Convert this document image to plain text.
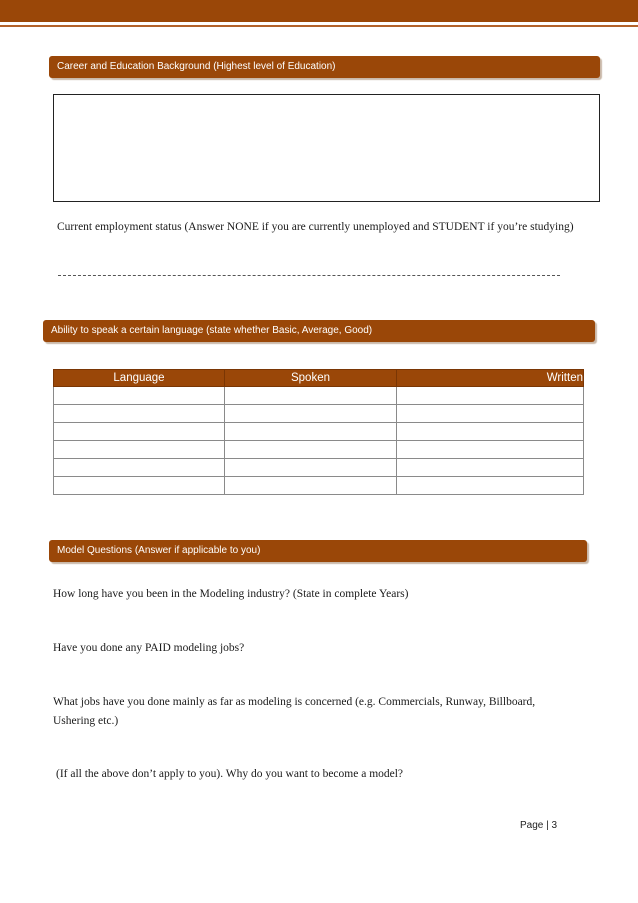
Career and Education Background (Highest level of Education)
Current employment status (Answer NONE if you are currently unemployed and STUDENT if you’re studying)
Ability to speak a certain language (state whether Basic, Average, Good)
Language	Spoken	Written

Model Questions (Answer if applicable to you)
How long have you been in the Modeling industry? (State in complete Years)
Have you done any PAID modeling jobs?
What jobs have you done mainly as far as modeling is concerned (e.g. Commercials, Runway, Billboard, Ushering etc.)
(If all the above don’t apply to you). Why do you want to become a model?
Page | 3
